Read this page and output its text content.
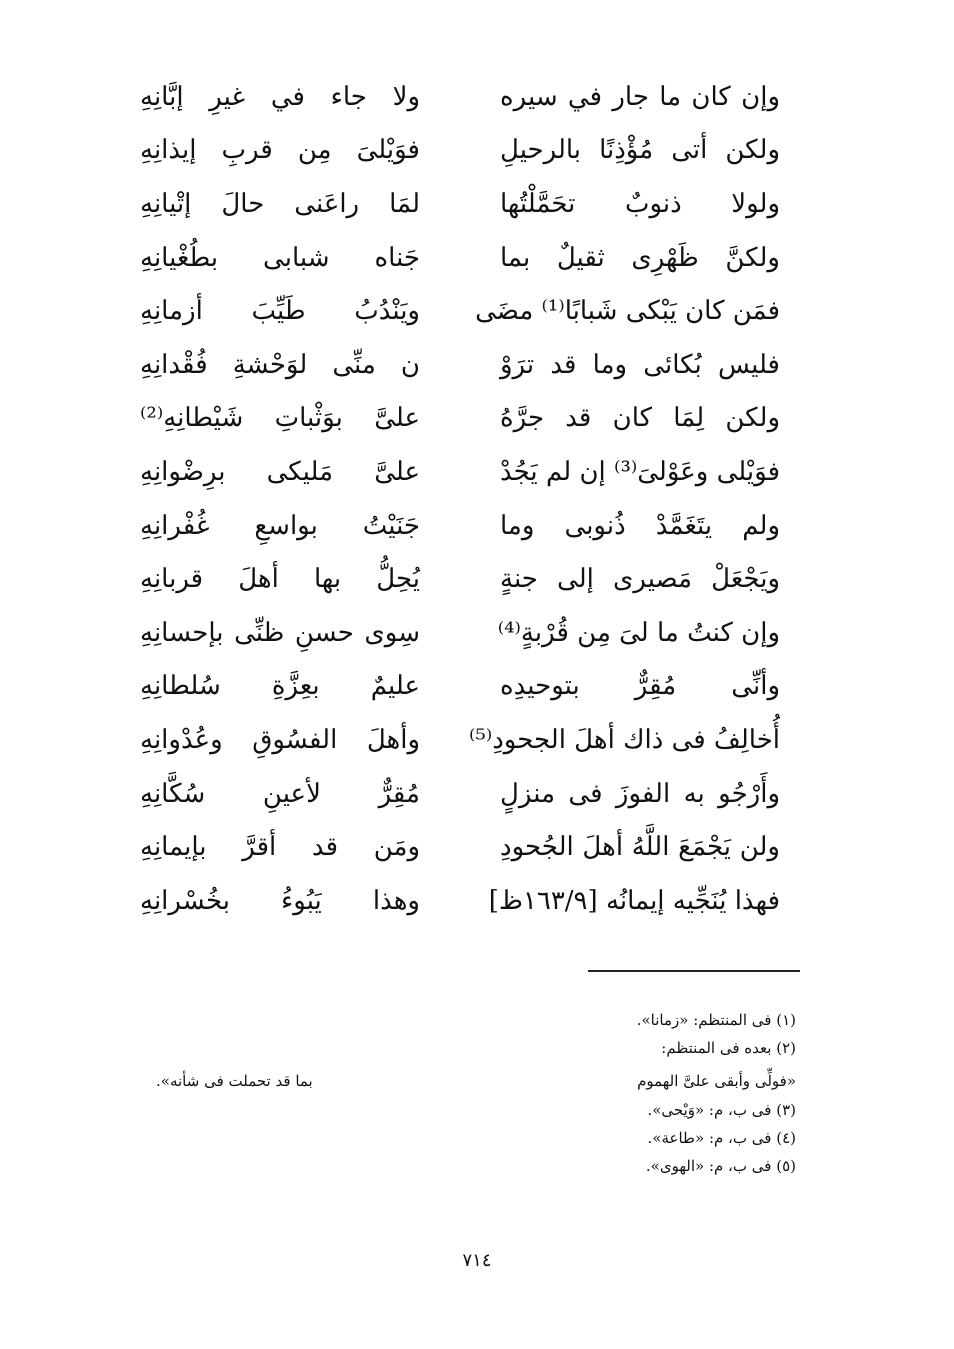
وإن كان ما جار في سيره
ولا جاء في غيرِ إبَّانِهِ
ولكن أتى مُؤْذِنًا بالرحيلِ
فوَيْلىَ مِن قربِ إيذانِهِ
ولولا ذنوبٌ تحَمَّلْتُها
لمَا راعَنى حالَ إتْيانِهِ
ولكنَّ ظَهْرِى ثقيلٌ بما
جَناه شبابى بطُغْيانِهِ
فمَن كان يَبْكى شَبابًا⁽¹⁾ مضَى
ويَنْدُبُ طَيِّبَ أزمانِهِ
فليس بُكائى وما قد ترَوْ
ن منِّى لوَحْشةِ فُقْدانِهِ
ولكن لِمَا كان قد جرَّهُ
علىَّ بوَثْباتِ شَيْطانِهِ⁽²⁾
فوَيْلى وعَوْلىَ⁽³⁾ إن لم يَجُدْ
علىَّ مَليكى برِضْوانِهِ
ولم يتَغَمَّدْ ذُنوبى وما
جَنَيْتُ بواسعِ غُفْرانِهِ
ويَجْعَلْ مَصيرى إلى جنةٍ
يُحِلُّ بها أهلَ قربانِهِ
وإن كنتُ ما لىَ مِن قُرْبةٍ⁽⁴⁾
سِوى حسنِ ظنِّى بإحسانِهِ
وأنِّى مُقِرٌّ بتوحيدِه
عليمٌ بعِزَّةِ سُلطانِهِ
أُخالِفُ فى ذاك أهلَ الجحودِ⁽⁵⁾
وأهلَ الفسُوقِ وعُدْوانِهِ
وأَرْجُو به الفوزَ فى منزلٍ
مُقِرٌّ لأعينِ سُكَّانِهِ
ولن يَجْمَعَ اللَّهُ أهلَ الجُحودِ
ومَن قد أقرَّ بإيمانِهِ
فهذا يُنَجِّيه إيمانُه [١٦٣/٩ظ]
وهذا يَبُوءُ بخُسْرانِهِ
(١) فى المنتظم: «زمانا».
(٢) بعده فى المنتظم:
«فولِّى وأبقى علىَّ الهموم
بما قد تحملت فى شأنه».
(٣) فى ب، م: «وَيْحى».
(٤) فى ب، م: «طاعة».
(٥) فى ب، م: «الهوى».
٧١٤
